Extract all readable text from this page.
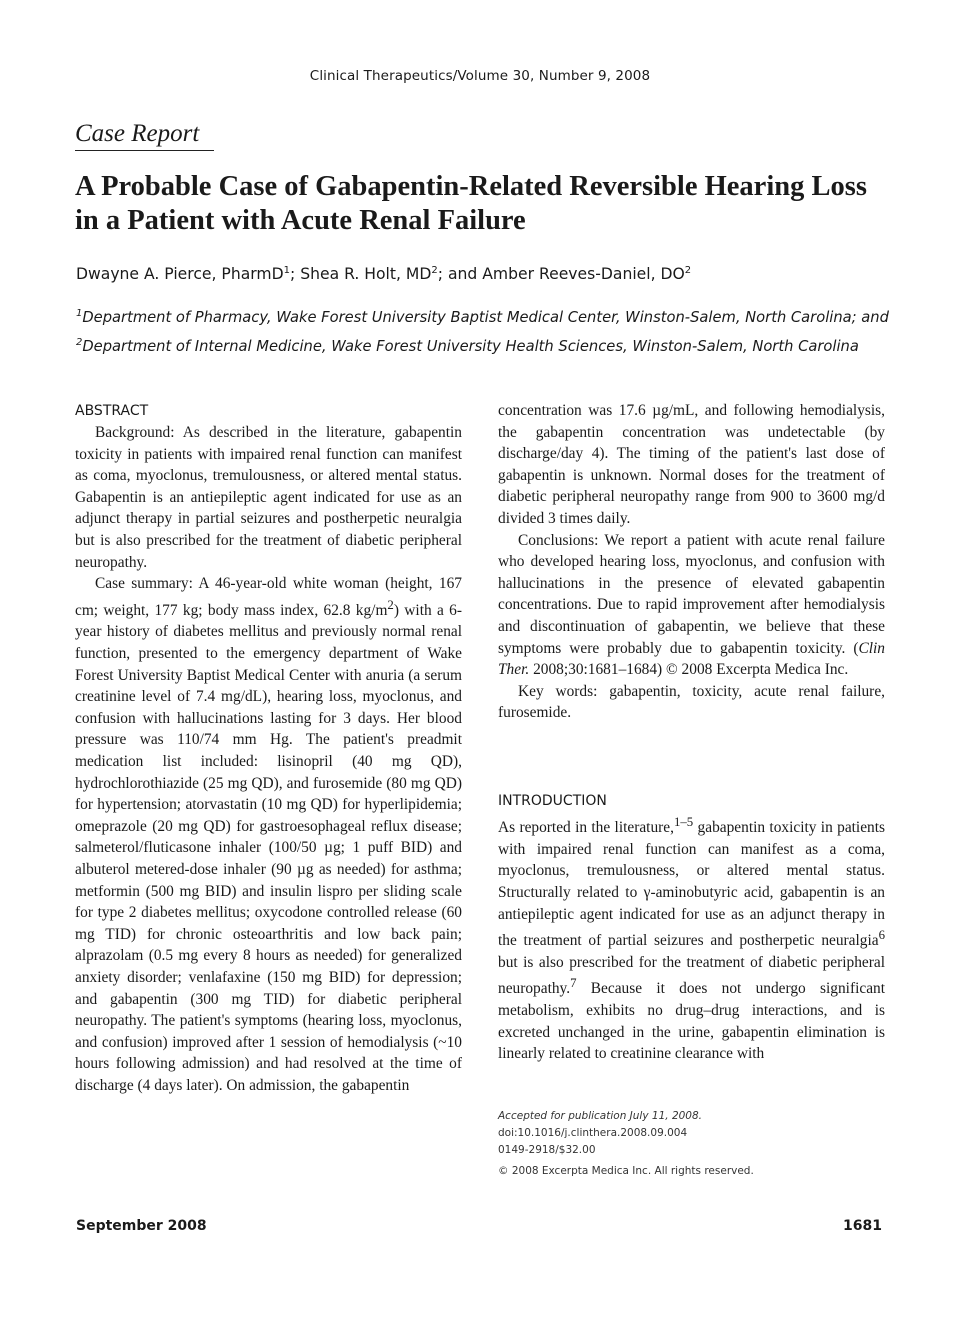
Clinical Therapeutics/Volume 30, Number 9, 2008
Case Report
A Probable Case of Gabapentin-Related Reversible Hearing Loss in a Patient with Acute Renal Failure
Dwayne A. Pierce, PharmD$^1$; Shea R. Holt, $MD^2$; and Amber Reeves-Daniel, $DO^2$
$^1$Department of Pharmacy, Wake Forest University Baptist Medical Center, Winston-Salem, North Carolina; and $^2$Department of Internal Medicine, Wake Forest University Health Sciences, Winston-Salem, North Carolina
ABSTRACT

Background: As described in the literature, gabapentin toxicity in patients with impaired renal function can manifest as coma, myoclonus, tremulousness, or altered mental status. Gabapentin is an antiepileptic agent indicated for use as an adjunct therapy in partial seizures and postherpetic neuralgia but is also prescribed for the treatment of diabetic peripheral neuropathy.

Case summary: A 46-year-old white woman (height, 167 cm; weight, 177 kg; body mass index, 62.8 $kg/m^2$) with a 6-year history of diabetes mellitus and previously normal renal function, presented to the emergency department of Wake Forest University Baptist Medical Center with anuria (a serum creatinine level of 7.4 mg/dL), hearing loss, myoclonus, and confusion with hallucinations lasting for 3 days. Her blood pressure was 110/74 mm Hg. The patient's preadmit medication list included: lisinopril (40 mg QD), hydrochlorothiazide (25 mg QD), and furosemide (80 mg QD) for hypertension; atorvastatin (10 mg QD) for hyperlipidemia; omeprazole (20 mg QD) for gastroesophageal reflux disease; salmeterol/fluticasone inhaler (100/50 µg; 1 puff BID) and albuterol metered-dose inhaler (90 µg as needed) for asthma; metformin (500 mg BID) and insulin lispro per sliding scale for type 2 diabetes mellitus; oxycodone controlled release (60 mg TID) for chronic osteoarthritis and low back pain; alprazolam (0.5 mg every 8 hours as needed) for generalized anxiety disorder; venlafaxine (150 mg BID) for depression; and gabapentin (300 mg TID) for diabetic peripheral neuropathy. The patient's symptoms (hearing loss, myoclonus, and confusion) improved after 1 session of hemodialysis (~10 hours following admission) and had resolved at the time of discharge (4 days later). On admission, the gabapentin

concentration was 17.6 µg/mL, and following hemodialysis, the gabapentin concentration was undetectable (by discharge/day 4). The timing of the patient's last dose of gabapentin is unknown. Normal doses for the treatment of diabetic peripheral neuropathy range from 900 to 3600 mg/d divided 3 times daily.

Conclusions: We report a patient with acute renal failure who developed hearing loss, myoclonus, and confusion with hallucinations in the presence of elevated gabapentin concentrations. Due to rapid improvement after hemodialysis and discontinuation of gabapentin, we believe that these symptoms were probably due to gabapentin toxicity. (Clin Ther. 2008;30:1681–1684) © 2008 Excerpta Medica Inc.

Key words: gabapentin, toxicity, acute renal failure, furosemide.

INTRODUCTION

As reported in the literature,$^{1-5}$ gabapentin toxicity in patients with impaired renal function can manifest as a coma, myoclonus, tremulousness, or altered mental status. Structurally related to γ-aminobutyric acid, gabapentin is an antiepileptic agent indicated for use as an adjunct therapy in the treatment of partial seizures and postherpetic neuralgia$^6$ but is also prescribed for the treatment of diabetic peripheral neuropathy.$^7$ Because it does not undergo significant metabolism, exhibits no drug–drug interactions, and is excreted unchanged in the urine, gabapentin elimination is linearly related to creatinine clearance with

Accepted for publication July 11, 2008.
doi:10.1016/j.clinthera.2008.09.004
0149-2918/$32.00
© 2008 Excerpta Medica Inc. All rights reserved.
September 2008	1681
